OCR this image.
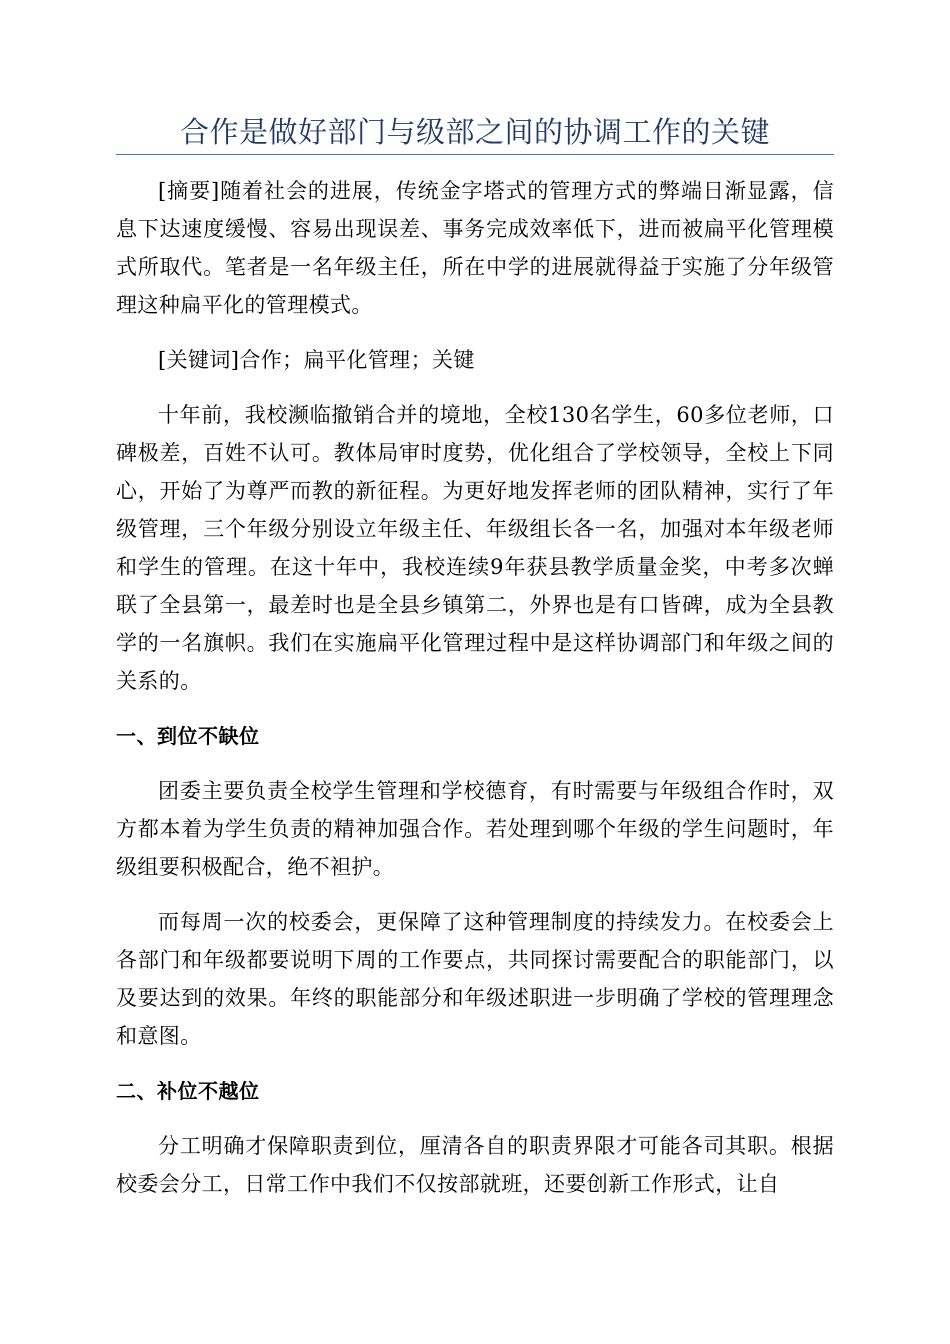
合作是做好部门与级部之间的协调工作的关键

[摘要]随着社会的进展，传统金字塔式的管理方式的弊端日渐显露，信息下达速度缓慢、容易出现误差、事务完成效率低下，进而被扁平化管理模式所取代。笔者是一名年级主任，所在中学的进展就得益于实施了分年级管理这种扁平化的管理模式。

[关键词]合作；扁平化管理；关键

十年前，我校濒临撤销合并的境地，全校130名学生，60多位老师，口碑极差，百姓不认可。教体局审时度势，优化组合了学校领导，全校上下同心，开始了为尊严而教的新征程。为更好地发挥老师的团队精神，实行了年级管理，三个年级分别设立年级主任、年级组长各一名，加强对本年级老师和学生的管理。在这十年中，我校连续9年获县教学质量金奖，中考多次蝉联了全县第一，最差时也是全县乡镇第二，外界也是有口皆碑，成为全县教学的一名旗帜。我们在实施扁平化管理过程中是这样协调部门和年级之间的关系的。

一、到位不缺位

团委主要负责全校学生管理和学校德育，有时需要与年级组合作时，双方都本着为学生负责的精神加强合作。若处理到哪个年级的学生问题时，年级组要积极配合，绝不袒护。

而每周一次的校委会，更保障了这种管理制度的持续发力。在校委会上各部门和年级都要说明下周的工作要点，共同探讨需要配合的职能部门，以及要达到的效果。年终的职能部分和年级述职进一步明确了学校的管理理念和意图。

二、补位不越位

分工明确才保障职责到位，厘清各自的职责界限才可能各司其职。根据校委会分工，日常工作中我们不仅按部就班，还要创新工作形式，让自
